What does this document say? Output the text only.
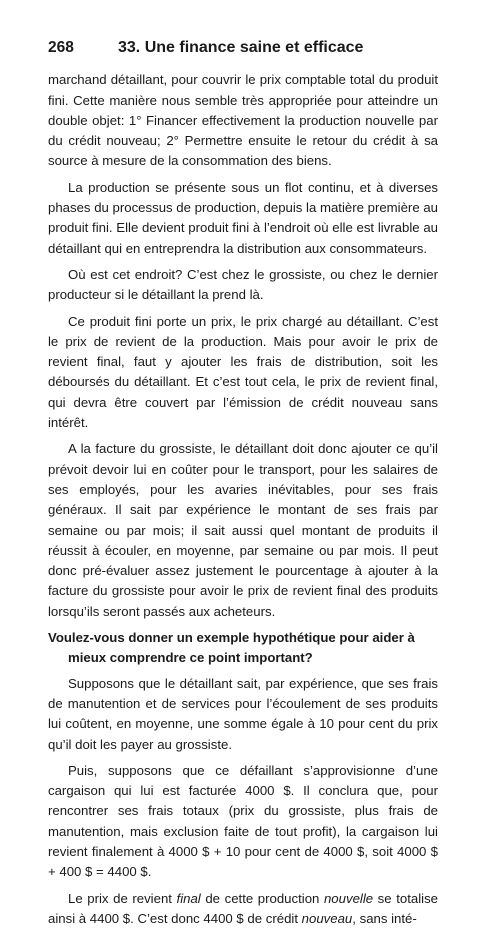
268	33. Une finance saine et efficace

marchand détaillant, pour couvrir le prix comptable total du produit fini. Cette manière nous semble très appropriée pour atteindre un double objet: 1° Financer effectivement la production nouvelle par du crédit nouveau; 2° Permettre ensuite le retour du crédit à sa source à mesure de la consommation des biens.

La production se présente sous un flot continu, et à diverses phases du processus de production, depuis la matière première au produit fini. Elle devient produit fini à l’endroit où elle est livrable au détaillant qui en entreprendra la distribution aux consommateurs.

Où est cet endroit? C’est chez le grossiste, ou chez le dernier producteur si le détaillant la prend là.

Ce produit fini porte un prix, le prix chargé au détaillant. C’est le prix de revient de la production. Mais pour avoir le prix de revient final, faut y ajouter les frais de distribution, soit les déboursés du détaillant. Et c’est tout cela, le prix de revient final, qui devra être couvert par l’émission de crédit nouveau sans intérêt.

A la facture du grossiste, le détaillant doit donc ajouter ce qu’il prévoit devoir lui en coûter pour le transport, pour les salaires de ses employés, pour les avaries inévitables, pour ses frais généraux. Il sait par expérience le montant de ses frais par semaine ou par mois; il sait aussi quel montant de produits il réussit à écouler, en moyenne, par semaine ou par mois. Il peut donc pré-évaluer assez justement le pourcentage à ajouter à la facture du grossiste pour avoir le prix de revient final des produits lorsqu’ils seront passés aux acheteurs.

Voulez-vous donner un exemple hypothétique pour aider à mieux comprendre ce point important?

Supposons que le détaillant sait, par expérience, que ses frais de manutention et de services pour l’écoulement de ses produits lui coûtent, en moyenne, une somme égale à 10 pour cent du prix qu’il doit les payer au grossiste.

Puis, supposons que ce défaillant s’approvisionne d’une cargaison qui lui est facturée 4000 $. Il conclura que, pour rencontrer ses frais totaux (prix du grossiste, plus frais de manutention, mais exclusion faite de tout profit), la cargaison lui revient finalement à 4000 $ + 10 pour cent de 4000 $, soit 4000 $ + 400 $ = 4400 $.

Le prix de revient final de cette production nouvelle se totalise ainsi à 4400 $. C’est donc 4400 $ de crédit nouveau, sans inté-
